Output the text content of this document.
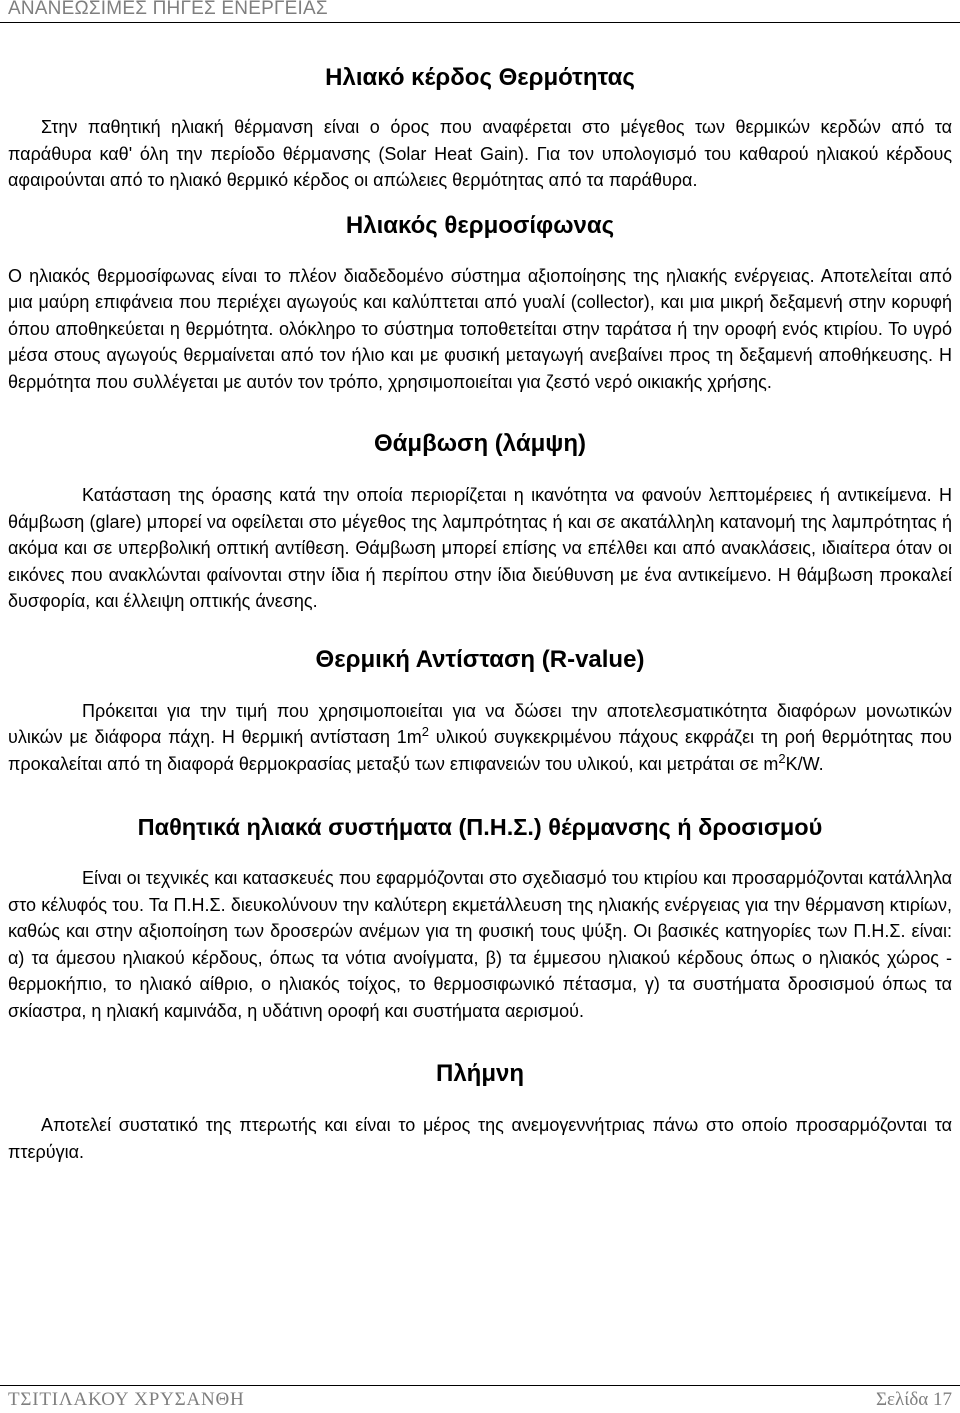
ΑΝΑΝΕΩΣΙΜΕΣ ΠΗΓΕΣ ΕΝΕΡΓΕΙΑΣ
Ηλιακό κέρδος Θερμότητας

Στην παθητική ηλιακή θέρμανση είναι ο όρος που αναφέρεται στο μέγεθος των θερμικών κερδών από τα παράθυρα καθ' όλη την περίοδο θέρμανσης (Solar Heat Gain). Για τον υπολογισμό του καθαρού ηλιακού κέρδους αφαιρούνται από το ηλιακό θερμικό κέρδος οι απώλειες θερμότητας από τα παράθυρα.

Ηλιακός θερμοσίφωνας

Ο ηλιακός θερμοσίφωνας είναι το πλέον διαδεδομένο σύστημα αξιοποίησης της ηλιακής ενέργειας. Αποτελείται από μια μαύρη επιφάνεια που περιέχει αγωγούς και καλύπτεται από γυαλί (collector), και μια μικρή δεξαμενή στην κορυφή όπου αποθηκεύεται η θερμότητα. ολόκληρο το σύστημα τοποθετείται στην ταράτσα ή την οροφή ενός κτιρίου. Το υγρό μέσα στους αγωγούς θερμαίνεται από τον ήλιο και με φυσική μεταγωγή ανεβαίνει προς τη δεξαμενή αποθήκευσης. Η θερμότητα που συλλέγεται με αυτόν τον τρόπο, χρησιμοποιείται για ζεστό νερό οικιακής χρήσης.

Θάμβωση (λάμψη)

Κατάσταση της όρασης κατά την οποία περιορίζεται η ικανότητα να φανούν λεπτομέρειες ή αντικείμενα. Η θάμβωση (glare) μπορεί να οφείλεται στο μέγεθος της λαμπρότητας ή και σε ακατάλληλη κατανομή της λαμπρότητας ή ακόμα και σε υπερβολική οπτική αντίθεση. Θάμβωση μπορεί επίσης να επέλθει και από ανακλάσεις, ιδιαίτερα όταν οι εικόνες που ανακλώνται φαίνονται στην ίδια ή περίπου στην ίδια διεύθυνση με ένα αντικείμενο. Η θάμβωση προκαλεί δυσφορία, και έλλειψη οπτικής άνεσης.

Θερμική Αντίσταση (R-value)

Πρόκειται για την τιμή που χρησιμοποιείται για να δώσει την αποτελεσματικότητα διαφόρων μονωτικών υλικών με διάφορα πάχη. Η θερμική αντίσταση $1m^2$ υλικού συγκεκριμένου πάχους εκφράζει τη ροή θερμότητας που προκαλείται από τη διαφορά θερμοκρασίας μεταξύ των επιφανειών του υλικού, και μετράται σε $m^2K/W$.

Παθητικά ηλιακά συστήματα (Π.Η.Σ.) θέρμανσης ή δροσισμού

Είναι οι τεχνικές και κατασκευές που εφαρμόζονται στο σχεδιασμό του κτιρίου και προσαρμόζονται κατάλληλα στο κέλυφός του. Τα Π.Η.Σ. διευκολύνουν την καλύτερη εκμετάλλευση της ηλιακής ενέργειας για την θέρμανση κτιρίων, καθώς και στην αξιοποίηση των δροσερών ανέμων για τη φυσική τους ψύξη. Οι βασικές κατηγορίες των Π.Η.Σ. είναι: α) τα άμεσου ηλιακού κέρδους, όπως τα νότια ανοίγματα, β) τα έμμεσου ηλιακού κέρδους όπως ο ηλιακός χώρος - θερμοκήπιο, το ηλιακό αίθριο, ο ηλιακός τοίχος, το θερμοσιφωνικό πέτασμα, γ) τα συστήματα δροσισμού όπως τα σκίαστρα, η ηλιακή καμινάδα, η υδάτινη οροφή και συστήματα αερισμού.

Πλήμνη

Αποτελεί συστατικό της πτερωτής και είναι το μέρος της ανεμογεννήτριας πάνω στο οποίο προσαρμόζονται τα πτερύγια.

ΤΣΙΤΙΛΑΚΟΥ ΧΡΥΣΑΝΘΗ	Σελίδα 17
